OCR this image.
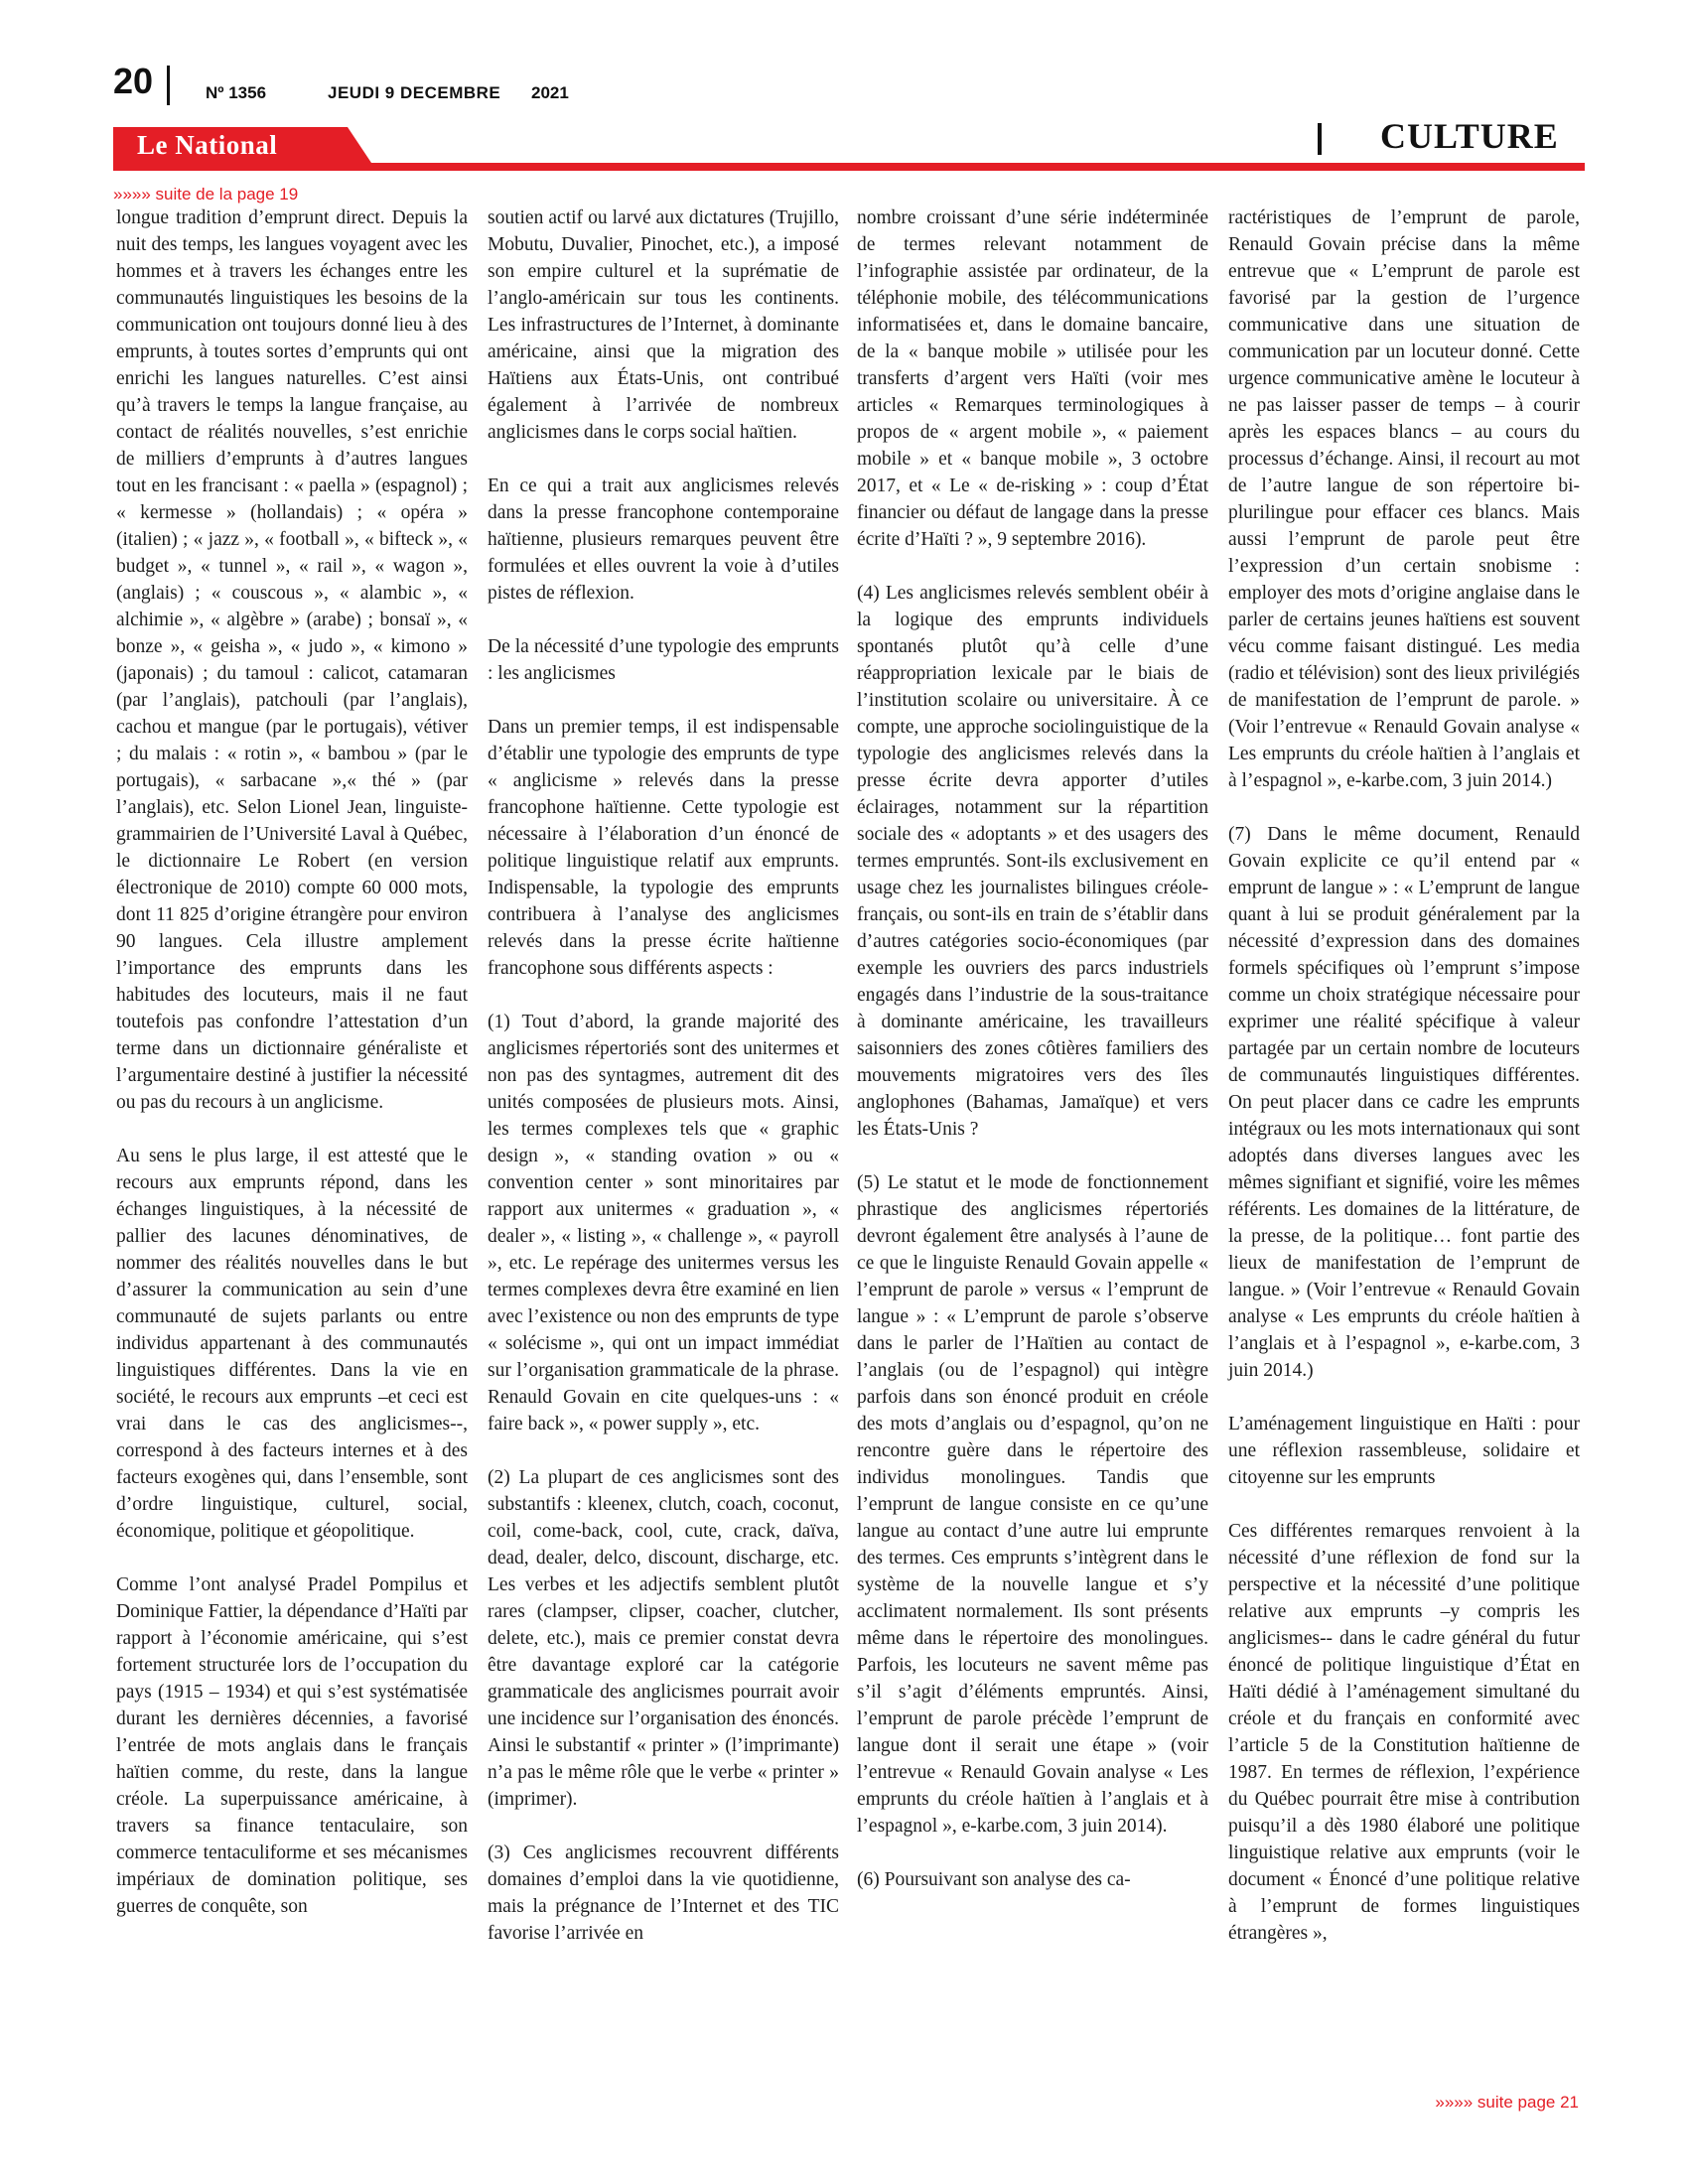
20	Nº 1356	JEUDI 9 DECEMBRE 2021
Le National	CULTURE
»»»» suite de la page 19

longue tradition d’emprunt direct. Depuis la nuit des temps, les langues voyagent avec les hommes et à travers les échanges entre les communautés linguistiques les besoins de la communication ont toujours donné lieu à des emprunts, à toutes sortes d’emprunts qui ont enrichi les langues naturelles. C’est ainsi qu’à travers le temps la langue française, au contact de réalités nouvelles, s’est enrichie de milliers d’emprunts à d’autres langues tout en les francisant : « paella » (espagnol) ; « kermesse » (hollandais) ; « opéra » (italien) ; « jazz », « football », « bifteck », « budget », « tunnel », « rail », « wagon », (anglais) ; « couscous », « alambic », « alchimie », « algèbre » (arabe) ; bonsaï », « bonze », « geisha », « judo », « kimono » (japonais) ; du tamoul : calicot, catamaran (par l’anglais), patchouli (par l’anglais), cachou et mangue (par le portugais), vétiver ; du malais : « rotin », « bambou » (par le portugais), « sarbacane »,« thé » (par l’anglais), etc. Selon Lionel Jean, linguiste-grammairien de l’Université Laval à Québec, le dictionnaire Le Robert (en version électronique de 2010) compte 60 000 mots, dont 11 825 d’origine étrangère pour environ 90 langues. Cela illustre amplement l’importance des emprunts dans les habitudes des locuteurs, mais il ne faut toutefois pas confondre l’attestation d’un terme dans un dictionnaire généraliste et l’argumentaire destiné à justifier la nécessité ou pas du recours à un anglicisme.

Au sens le plus large, il est attesté que le recours aux emprunts répond, dans les échanges linguistiques, à la nécessité de pallier des lacunes dénominatives, de nommer des réalités nouvelles dans le but d’assurer la communication au sein d’une communauté de sujets parlants ou entre individus appartenant à des communautés linguistiques différentes. Dans la vie en société, le recours aux emprunts –et ceci est vrai dans le cas des anglicismes--, correspond à des facteurs internes et à des facteurs exogènes qui, dans l’ensemble, sont d’ordre linguistique, culturel, social, économique, politique et géopolitique.

Comme l’ont analysé Pradel Pompilus et Dominique Fattier, la dépendance d’Haïti par rapport à l’économie américaine, qui s’est fortement structurée lors de l’occupation du pays (1915 – 1934) et qui s’est systématisée durant les dernières décennies, a favorisé l’entrée de mots anglais dans le français haïtien comme, du reste, dans la langue créole. La superpuissance américaine, à travers sa finance tentaculaire, son commerce tentaculiforme et ses mécanismes impériaux de domination politique, ses guerres de conquête, son

soutien actif ou larvé aux dictatures (Trujillo, Mobutu, Duvalier, Pinochet, etc.), a imposé son empire culturel et la suprématie de l’anglo-américain sur tous les continents. Les infrastructures de l’Internet, à dominante américaine, ainsi que la migration des Haïtiens aux États-Unis, ont contribué également à l’arrivée de nombreux anglicismes dans le corps social haïtien.

En ce qui a trait aux anglicismes relevés dans la presse francophone contemporaine haïtienne, plusieurs remarques peuvent être formulées et elles ouvrent la voie à d’utiles pistes de réflexion.

De la nécessité d’une typologie des emprunts : les anglicismes

Dans un premier temps, il est indispensable d’établir une typologie des emprunts de type « anglicisme » relevés dans la presse francophone haïtienne. Cette typologie est nécessaire à l’élaboration d’un énoncé de politique linguistique relatif aux emprunts. Indispensable, la typologie des emprunts contribuera à l’analyse des anglicismes relevés dans la presse écrite haïtienne francophone sous différents aspects :

(1) Tout d’abord, la grande majorité des anglicismes répertoriés sont des unitermes et non pas des syntagmes, autrement dit des unités composées de plusieurs mots. Ainsi, les termes complexes tels que « graphic design », « standing ovation » ou « convention center » sont minoritaires par rapport aux unitermes « graduation », « dealer », « listing », « challenge », « payroll », etc. Le repérage des unitermes versus les termes complexes devra être examiné en lien avec l’existence ou non des emprunts de type « solécisme », qui ont un impact immédiat sur l’organisation grammaticale de la phrase. Renauld Govain en cite quelques-uns : « faire back », « power supply », etc.

(2) La plupart de ces anglicismes sont des substantifs : kleenex, clutch, coach, coconut, coil, come-back, cool, cute, crack, daïva, dead, dealer, delco, discount, discharge, etc. Les verbes et les adjectifs semblent plutôt rares (clampser, clipser, coacher, clutcher, delete, etc.), mais ce premier constat devra être davantage exploré car la catégorie grammaticale des anglicismes pourrait avoir une incidence sur l’organisation des énoncés. Ainsi le substantif « printer » (l’imprimante) n’a pas le même rôle que le verbe « printer » (imprimer).

(3) Ces anglicismes recouvrent différents domaines d’emploi dans la vie quotidienne, mais la prégnance de l’Internet et des TIC favorise l’arrivée en

nombre croissant d’une série indéterminée de termes relevant notamment de l’infographie assistée par ordinateur, de la téléphonie mobile, des télécommunications informatisées et, dans le domaine bancaire, de la « banque mobile » utilisée pour les transferts d’argent vers Haïti (voir mes articles « Remarques terminologiques à propos de « argent mobile », « paiement mobile » et « banque mobile », 3 octobre 2017, et « Le « de-risking » : coup d’État financier ou défaut de langage dans la presse écrite d’Haïti ? », 9 septembre 2016).

(4) Les anglicismes relevés semblent obéir à la logique des emprunts individuels spontanés plutôt qu’à celle d’une réappropriation lexicale par le biais de l’institution scolaire ou universitaire. À ce compte, une approche sociolinguistique de la typologie des anglicismes relevés dans la presse écrite devra apporter d’utiles éclairages, notamment sur la répartition sociale des « adoptants » et des usagers des termes empruntés. Sont-ils exclusivement en usage chez les journalistes bilingues créole-français, ou sont-ils en train de s’établir dans d’autres catégories socio-économiques (par exemple les ouvriers des parcs industriels engagés dans l’industrie de la sous-traitance à dominante américaine, les travailleurs saisonniers des zones côtières familiers des mouvements migratoires vers des îles anglophones (Bahamas, Jamaïque) et vers les États-Unis ?

(5) Le statut et le mode de fonctionnement phrastique des anglicismes répertoriés devront également être analysés à l’aune de ce que le linguiste Renauld Govain appelle « l’emprunt de parole » versus « l’emprunt de langue » : « L’emprunt de parole s’observe dans le parler de l’Haïtien au contact de l’anglais (ou de l’espagnol) qui intègre parfois dans son énoncé produit en créole des mots d’anglais ou d’espagnol, qu’on ne rencontre guère dans le répertoire des individus monolingues. Tandis que l’emprunt de langue consiste en ce qu’une langue au contact d’une autre lui emprunte des termes. Ces emprunts s’intègrent dans le système de la nouvelle langue et s’y acclimatent normalement. Ils sont présents même dans le répertoire des monolingues. Parfois, les locuteurs ne savent même pas s’il s’agit d’éléments empruntés. Ainsi, l’emprunt de parole précède l’emprunt de langue dont il serait une étape » (voir l’entrevue « Renauld Govain analyse « Les emprunts du créole haïtien à l’anglais et à l’espagnol », e-karbe.com, 3 juin 2014).

(6) Poursuivant son analyse des ca-

ractéristiques de l’emprunt de parole, Renauld Govain précise dans la même entrevue que « L’emprunt de parole est favorisé par la gestion de l’urgence communicative dans une situation de communication par un locuteur donné. Cette urgence communicative amène le locuteur à ne pas laisser passer de temps – à courir après les espaces blancs – au cours du processus d’échange. Ainsi, il recourt au mot de l’autre langue de son répertoire bi-plurilingue pour effacer ces blancs. Mais aussi l’emprunt de parole peut être l’expression d’un certain snobisme : employer des mots d’origine anglaise dans le parler de certains jeunes haïtiens est souvent vécu comme faisant distingué. Les media (radio et télévision) sont des lieux privilégiés de manifestation de l’emprunt de parole. » (Voir l’entrevue « Renauld Govain analyse « Les emprunts du créole haïtien à l’anglais et à l’espagnol », e-karbe.com, 3 juin 2014.)

(7) Dans le même document, Renauld Govain explicite ce qu’il entend par « emprunt de langue » : « L’emprunt de langue quant à lui se produit généralement par la nécessité d’expression dans des domaines formels spécifiques où l’emprunt s’impose comme un choix stratégique nécessaire pour exprimer une réalité spécifique à valeur partagée par un certain nombre de locuteurs de communautés linguistiques différentes. On peut placer dans ce cadre les emprunts intégraux ou les mots internationaux qui sont adoptés dans diverses langues avec les mêmes signifiant et signifié, voire les mêmes référents. Les domaines de la littérature, de la presse, de la politique… font partie des lieux de manifestation de l’emprunt de langue. » (Voir l’entrevue « Renauld Govain analyse « Les emprunts du créole haïtien à l’anglais et à l’espagnol », e-karbe.com, 3 juin 2014.)

L’aménagement linguistique en Haïti : pour une réflexion rassembleuse, solidaire et citoyenne sur les emprunts

Ces différentes remarques renvoient à la nécessité d’une réflexion de fond sur la perspective et la nécessité d’une politique relative aux emprunts –y compris les anglicismes-- dans le cadre général du futur énoncé de politique linguistique d’État en Haïti dédié à l’aménagement simultané du créole et du français en conformité avec l’article 5 de la Constitution haïtienne de 1987. En termes de réflexion, l’expérience du Québec pourrait être mise à contribution puisqu’il a dès 1980 élaboré une politique linguistique relative aux emprunts (voir le document « Énoncé d’une politique relative à l’emprunt de formes linguistiques étrangères »,

»»»» suite page 21
